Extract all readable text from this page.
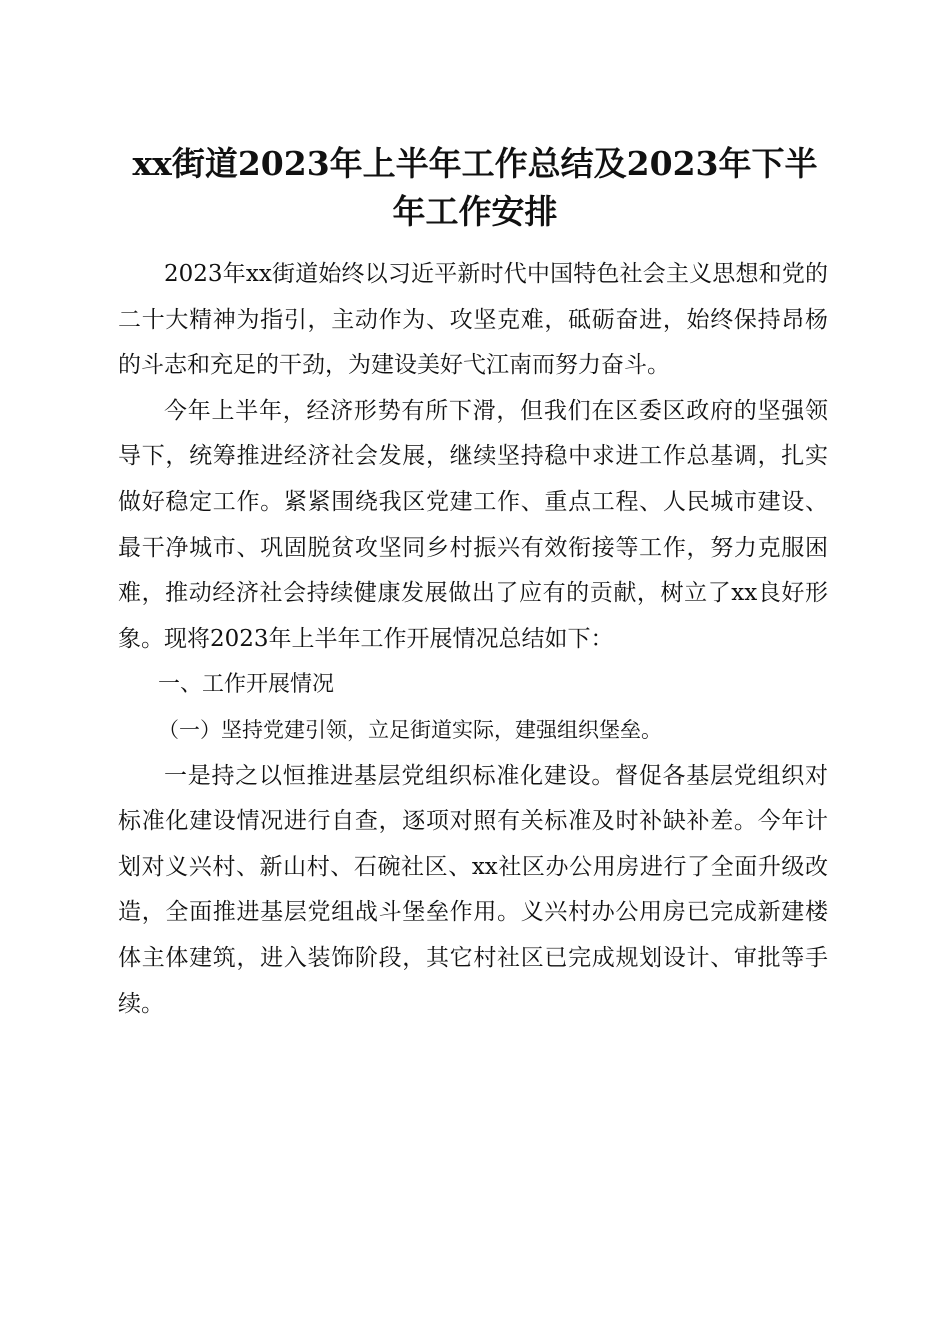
xx街道2023年上半年工作总结及2023年下半
年工作安排

2023年xx街道始终以习近平新时代中国特色社会主义思想和党的二十大精神为指引，主动作为、攻坚克难，砥砺奋进，始终保持昂杨的斗志和充足的干劲，为建设美好弋江南而努力奋斗。

今年上半年，经济形势有所下滑，但我们在区委区政府的坚强领导下，统筹推进经济社会发展，继续坚持稳中求进工作总基调，扎实做好稳定工作。紧紧围绕我区党建工作、重点工程、人民城市建设、最干净城市、巩固脱贫攻坚同乡村振兴有效衔接等工作，努力克服困难，推动经济社会持续健康发展做出了应有的贡献，树立了xx良好形象。现将2023年上半年工作开展情况总结如下：

一、工作开展情况

（一）坚持党建引领，立足街道实际，建强组织堡垒。

一是持之以恒推进基层党组织标准化建设。督促各基层党组织对标准化建设情况进行自查，逐项对照有关标准及时补缺补差。今年计划对义兴村、新山村、石碗社区、xx社区办公用房进行了全面升级改造，全面推进基层党组战斗堡垒作用。义兴村办公用房已完成新建楼体主体建筑，进入装饰阶段，其它村社区已完成规划设计、审批等手续。
